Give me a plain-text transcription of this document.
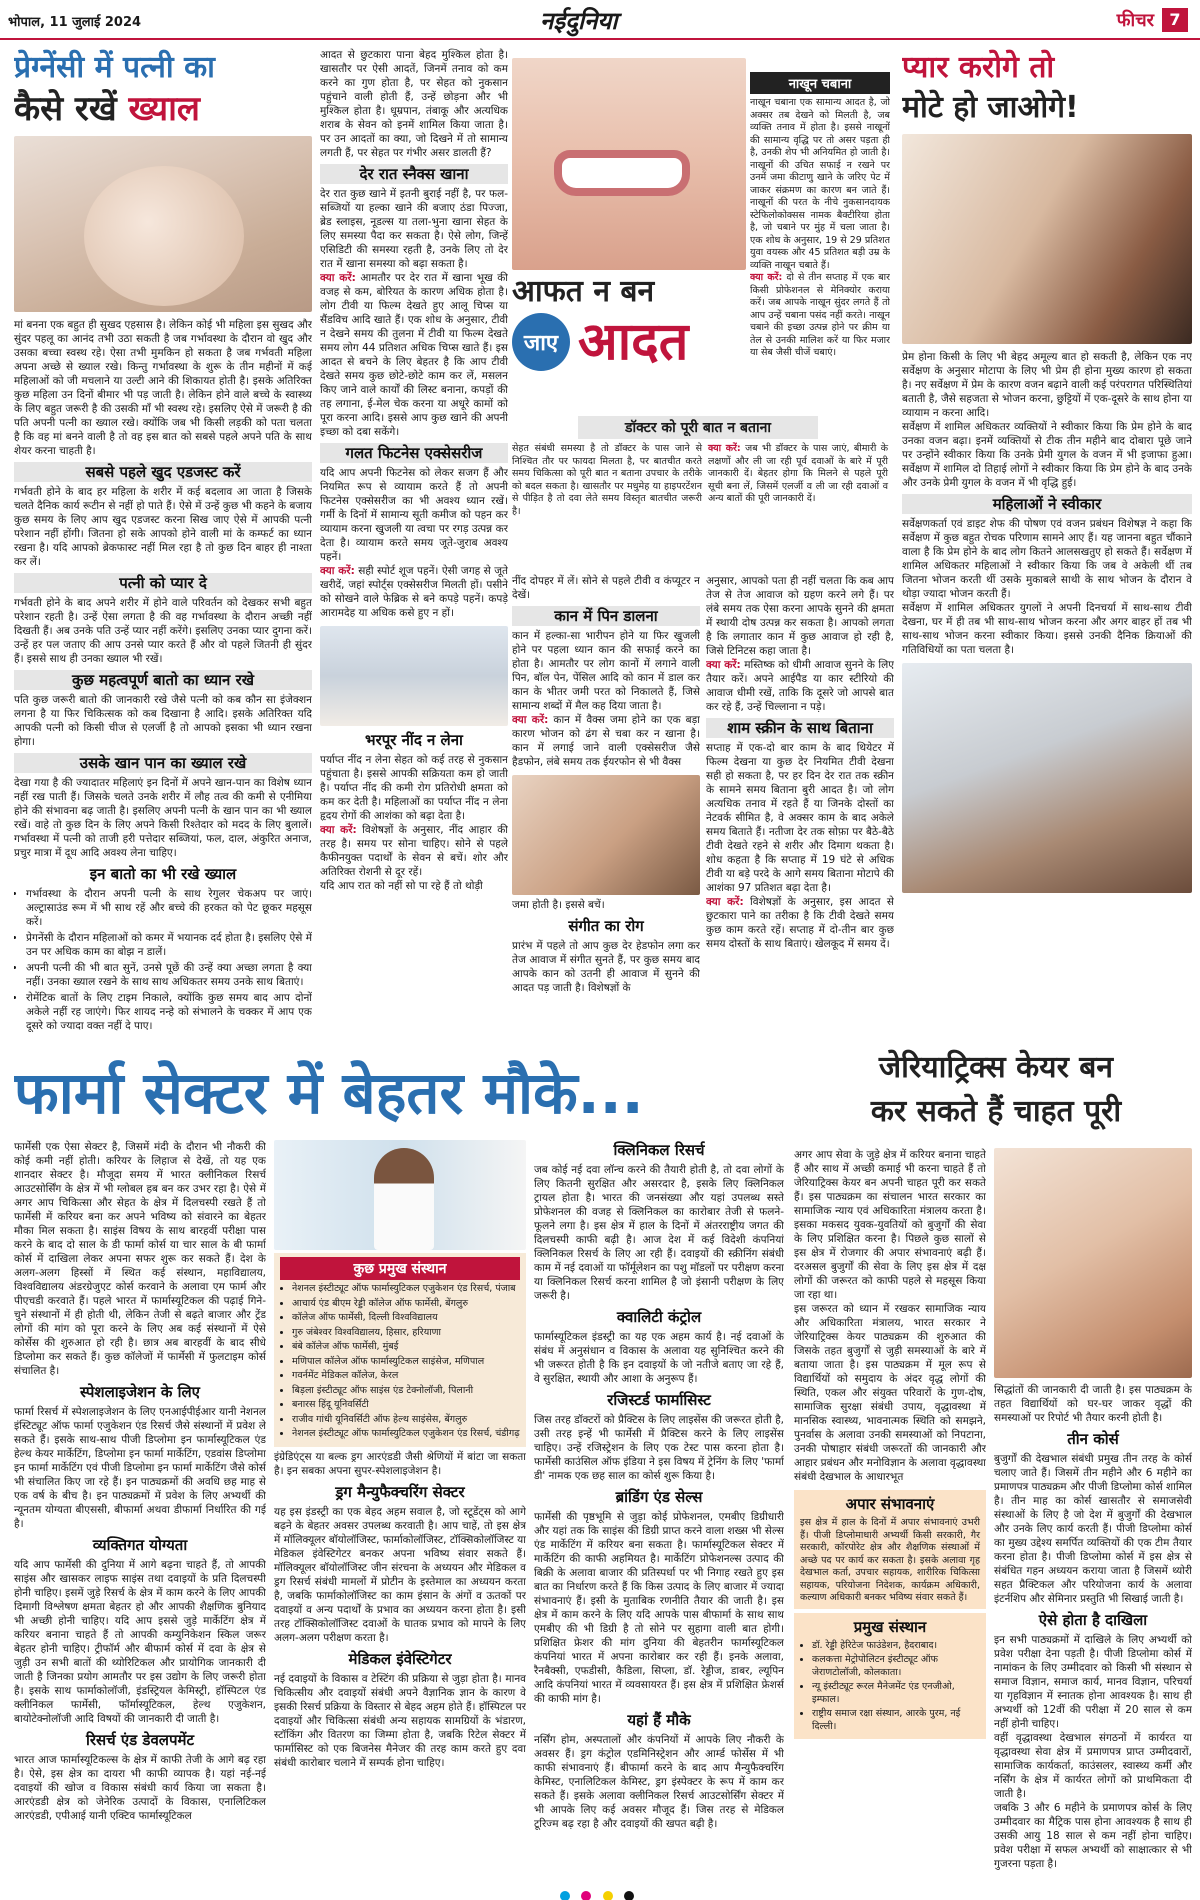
भोपाल, 11 जुलाई 2024	नईदुनिया	फीचर 7
प्रेग्नेंसी में पत्नी का
कैसे रखें ख्याल
मां बनना एक बहुत ही सुखद एहसास है। लेकिन कोई भी महिला इस सुखद और सुंदर पहलू का आनंद तभी उठा सकती है जब गर्भावस्था के दौरान वो खुद और उसका बच्चा स्वस्थ रहे। ऐसा तभी मुमकिन हो सकता है जब गर्भवती महिला अपना अच्छे से ख्याल रखे। किन्तु गर्भावस्था के शुरू के तीन महीनों में कई महिलाओं को जी मचलाने या उल्टी आने की शिकायत होती है। इसके अतिरिक्त कुछ महिला उन दिनों बीमार भी पड़ जाती है। लेकिन होने वाले बच्चे के स्वास्थ्य के लिए बहुत जरूरी है की उसकी माँ भी स्वस्थ रहे। इसलिए ऐसे में जरूरी है की पति अपनी पत्नी का ख्याल रखे। क्योंकि जब भी किसी लड़की को पता चलता है कि वह मां बनने वाली है तो वह इस बात को सबसे पहले अपने पति के साथ शेयर करना चाहती है।
सबसे पहले खुद एडजस्ट करें
गर्भवती होने के बाद हर महिला के शरीर में कई बदलाव आ जाता है जिसके चलते दैनिक कार्य रूटीन से नहीं हो पाते हैं। ऐसे में उन्हें कुछ भी कहने के बजाय कुछ समय के लिए आप खुद एडजस्ट करना सिख जाए ऐसे में आपकी पत्नी परेशान नहीं होंगी। जितना हो सके आपको होने वाली मां के कम्फर्ट का ध्यान रखना है। यदि आपको ब्रेकफास्ट नहीं मिल रहा है तो कुछ दिन बाहर ही नाश्ता कर लें।
पत्नी को प्यार दे
गर्भवती होने के बाद अपने शरीर में होने वाले परिवर्तन को देखकर सभी बहुत परेशान रहती है। उन्हें ऐसा लगता है की वह गर्भावस्था के दौरान अच्छी नहीं दिखती हैं। अब उनके पति उन्हें प्यार नहीं करेंगे। इसलिए उनका प्यार दुगना करें। उन्हें हर पल जताए की आप उनसे प्यार करते हैं और वो पहले जितनी ही सुंदर हैं। इससे साथ ही उनका ख्याल भी रखें।
कुछ महत्वपूर्ण बातो का ध्यान रखे
पति कुछ जरूरी बातो की जानकारी रखे जैसे पत्नी को कब कौन सा इंजेक्शन लगना है या फिर चिकित्सक को कब दिखाना है आदि। इसके अतिरिक्त यदि आपकी पत्नी को किसी चीज से एलर्जी है तो आपको इसका भी ध्यान रखना होगा।
उसके खान पान का ख्याल रखे
देखा गया है की ज्यादातर महिलाएं इन दिनों में अपने खान-पान का विशेष ध्यान नहीं रख पाती हैं। जिसके चलते उनके शरीर में लौह तत्व की कमी से एनीमिया होने की संभावना बढ़ जाती है। इसलिए अपनी पत्नी के खान पान का भी ख्याल रखें। वाहे तो कुछ दिन के लिए अपने किसी रिश्तेदार को मदद के लिए बुलालें। गर्भावस्था में पत्नी को ताजी हरी पत्तेदार सब्जियां, फल, दाल, अंकुरित अनाज, प्रचुर मात्रा में दूध आदि अवश्य लेना चाहिए।
इन बातो का भी रखे ख्याल
• गर्भावस्था के दौरान अपनी पत्नी के साथ रेगुलर चेकअप पर जाएं। अल्ट्रासाउंड रूम में भी साथ रहें और बच्चे की हरकत को पेट छूकर महसूस करें।
• प्रेगनेंसी के दौरान महिलाओं को कमर में भयानक दर्द होता है। इसलिए ऐसे में उन पर अधिक काम का बोझ न डालें।
• अपनी पत्नी की भी बात सुनें, उनसे पूछें की उन्हें क्या अच्छा लगता है क्या नहीं। उनका ख्याल रखने के साथ साथ अधिकतर समय उनके साथ बिताएं।
• रोमेंटिक बातों के लिए टाइम निकाले, क्योंकि कुछ समय बाद आप दोनों अकेले नहीं रह जाएंगे। फिर शायद नन्हे को संभालने के चक्कर में आप एक दूसरे को ज्यादा वक्त नहीं दे पाए।
आदत से छुटकारा पाना बेहद मुश्किल होता है। खासतौर पर ऐसी आदतें, जिनमें तनाव को कम करने का गुण होता है, पर सेहत को नुकसान पहुंचाने वाली होती हैं, उन्हें छोड़ना और भी मुश्किल होता है। धूम्रपान, तंबाकू और अत्यधिक शराब के सेवन को इनमें शामिल किया जाता है। पर उन आदतों का क्या, जो दिखने में तो सामान्य लगती हैं, पर सेहत पर गंभीर असर डालती हैं?
देर रात स्नैक्स खाना
देर रात कुछ खाने में इतनी बुराई नहीं है, पर फल-सब्जियों या हल्का खाने की बजाए ठंडा पिज्जा, ब्रेड स्लाइस, नूडल्स या तला-भुना खाना सेहत के लिए समस्या पैदा कर सकता है। ऐसे लोग, जिन्हें एसिडिटी की समस्या रहती है, उनके लिए तो देर रात में खाना समस्या को बढ़ा सकता है।
क्या करें: आमतौर पर देर रात में खाना भूख की वजह से कम, बोरियत के कारण अधिक होता है। लोग टीवी या फिल्म देखते हुए आलू चिप्स या सैंडविच आदि खाते हैं। एक शोध के अनुसार, टीवी न देखने समय की तुलना में टीवी या फिल्म देखते समय लोग 44 प्रतिशत अधिक चिप्स खाते हैं। इस आदत से बचने के लिए बेहतर है कि आप टीवी देखते समय कुछ छोटे-छोटे काम कर लें, मसलन किए जाने वाले कार्यों की लिस्ट बनाना, कपड़ों की तह लगाना, ई-मेल चेक करना या अधूरे कामों को पूरा करना आदि। इससे आप कुछ खाने की अपनी इच्छा को दबा सकेंगे।
गलत फिटनेस एक्सेसरीज
यदि आप अपनी फिटनेस को लेकर सजग हैं और नियमित रूप से व्यायाम करते हैं तो अपनी फिटनेस एक्सेसरीज का भी अवश्य ध्यान रखें। गर्मी के दिनों में सामान्य सूती कमीज को पहन कर व्यायाम करना खुजली या त्वचा पर रगड़ उत्पन्न कर देता है। व्यायाम करते समय जूते-जुराब अवश्य पहनें।
क्या करें: सही स्पोर्ट शूज पहनें। ऐसी जगह से जूते खरीदें, जहां स्पोर्ट्स एक्सेसरीज मिलती हों। पसीने को सोखने वाले फेब्रिक से बने कपड़े पहनें। कपड़े आरामदेह या अधिक कसे हुए न हों।
भरपूर नींद न लेना
पर्याप्त नींद न लेना सेहत को कई तरह से नुकसान पहुंचाता है। इससे आपकी सक्रियता कम हो जाती है। पर्याप्त नींद की कमी रोग प्रतिरोधी क्षमता को कम कर देती है। महिलाओं का पर्याप्त नींद न लेना हृदय रोगों की आशंका को बढ़ा देता है।
क्या करें: विशेषज्ञों के अनुसार, नींद आहार की तरह है। समय पर सोना चाहिए। सोने से पहले कैफीनयुक्त पदार्थों के सेवन से बचें। शोर और अतिरिक्त रोशनी से दूर रहें।
यदि आप रात को नहीं सो पा रहे हैं तो थोड़ी
नाखून चबाना
नाखून चबाना एक सामान्य आदत है, जो अक्सर तब देखने को मिलती है, जब व्यक्ति तनाव में होता है। इससे नाखूनों की सामान्य वृद्धि पर तो असर पड़ता ही है, उनकी शेप भी अनियमित हो जाती है। नाखूनों की उचित सफाई न रखने पर उनमें जमा कीटाणु खाने के जरिए पेट में जाकर संक्रमण का कारण बन जाते हैं। नाखूनों की परत के नीचे नुकसानदायक स्टेफिलोकोक्सस नामक बैक्टीरिया होता है, जो चबाने पर मुंह में चला जाता है। एक शोध के अनुसार, 19 से 29 प्रतिशत युवा वयस्क और 45 प्रतिशत बड़ी उम्र के व्यक्ति नाखून चबाते हैं।
क्या करें: दो से तीन सप्ताह में एक बार किसी प्रोफेशनल से मेनिक्योर कराया करें। जब आपके नाखून सुंदर लगते हैं तो आप उन्हें चबाना पसंद नहीं करते। नाखून चबाने की इच्छा उत्पन्न होने पर क्रीम या तेल से उनकी मालिश करें या फिर मजार या सेब जैसी चीजें चबाएं।
आफत न बन
जाए आदत
डॉक्टर को पूरी बात न बताना
सेहत संबंधी समस्या है तो डॉक्टर के पास जाने से निश्चित तौर पर फायदा मिलता है, पर बातचीत करते समय चिकित्सा को पूरी बात न बताना उपचार के तरीके को बदल सकता है। खासतौर पर मधुमेह या हाइपरटेंशन से पीड़ित है तो दवा लेते समय विस्तृत बातचीत जरूरी है।
क्या करें: जब भी डॉक्टर के पास जाएं, बीमारी के लक्षणों और ली जा रही पूर्व दवाओं के बारे में पूरी जानकारी दें। बेहतर होगा कि मिलने से पहले पूरी सूची बना लें, जिसमें एलर्जी व ली जा रही दवाओं व अन्य बातों की पूरी जानकारी दें।
नींद दोपहर में लें। सोने से पहले टीवी व कंप्यूटर न देखें।
कान में पिन डालना
कान में हल्का-सा भारीपन होने या फिर खुजली होने पर पहला ध्यान कान की सफाई करने का होता है। आमतौर पर लोग कानों में लगाने वाली पिन, बॉल पेन, पेंसिल आदि को कान में डाल कर कान के भीतर जमी परत को निकालते हैं, जिसे सामान्य शब्दों में मैल कह दिया जाता है।
क्या करें: कान में वैक्स जमा होने का एक बड़ा कारण भोजन को ढंग से चबा कर न खाना है। कान में लगाई जाने वाली एक्सेसरीज जैसे हैडफोन, लंबे समय तक ईयरफोन से भी वैक्स
जमा होती है। इससे बचें।
संगीत का रोग
प्रारंभ में पहले तो आप कुछ देर हेडफोन लगा कर तेज आवाज में संगीत सुनते हैं, पर कुछ समय बाद आपके कान को उतनी ही आवाज में सुनने की आदत पड़ जाती है। विशेषज्ञों के
अनुसार, आपको पता ही नहीं चलता कि कब आप तेज से तेज आवाज को ग्रहण करने लगे हैं। पर लंबे समय तक ऐसा करना आपके सुनने की क्षमता में स्थायी दोष उत्पन्न कर सकता है। आपको लगता है कि लगातार कान में कुछ आवाज हो रही है, जिसे टिनिटस कहा जाता है।
क्या करें: मस्तिष्क को धीमी आवाज सुनने के लिए तैयार करें। अपने आईपैड या कार स्टीरियो की आवाज धीमी रखें, ताकि कि दूसरे जो आपसे बात कर रहे हैं, उन्हें चिल्लाना न पड़े।
शाम स्क्रीन के साथ बिताना
सप्ताह में एक-दो बार काम के बाद थियेटर में फिल्म देखना या कुछ देर नियमित टीवी देखना सही हो सकता है, पर हर दिन देर रात तक स्क्रीन के सामने समय बिताना बुरी आदत है। जो लोग अत्यधिक तनाव में रहते हैं या जिनके दोस्तों का नेटवर्क सीमित है, वे अक्सर काम के बाद अकेले समय बिताते हैं। नतीजा देर तक सोफ़ा पर बैठे-बैठे टीवी देखते रहने से शरीर और दिमाग थकता है। शोध कहता है कि सप्ताह में 19 घंटे से अधिक टीवी या बड़े परदे के आगे समय बिताना मोटापे की आशंका 97 प्रतिशत बढ़ा देता है।
क्या करें: विशेषज्ञों के अनुसार, इस आदत से छुटकारा पाने का तरीका है कि टीवी देखते समय कुछ काम करते रहें। सप्ताह में दो-तीन बार कुछ समय दोस्तों के साथ बिताएं। खेलकूद में समय दें।
प्यार करोगे तो
मोटे हो जाओगे!
प्रेम होना किसी के लिए भी बेहद अमूल्य बात हो सकती है, लेकिन एक नए सर्वेक्षण के अनुसार मोटापा के लिए भी प्रेम ही होना मुख्य कारण हो सकता है। नए सर्वेक्षण में प्रेम के कारण वजन बढ़ाने वाली कई परंपरागत परिस्थितियां बताती है, जैसे सहजता से भोजन करना, छुट्टियों में एक-दूसरे के साथ होना या व्यायाम न करना आदि।
सर्वेक्षण में शामिल अधिकतर व्यक्तियों ने स्वीकार किया कि प्रेम होने के बाद उनका वजन बढ़ा। इनमें व्यक्तियों से टीक तीन महीने बाद दोबारा पूछे जाने पर उन्होंने स्वीकार किया कि उनके प्रेमी युगल के वजन में भी इजाफा हुआ। सर्वेक्षण में शामिल दो तिहाई लोगों ने स्वीकार किया कि प्रेम होने के बाद उनके और उनके प्रेमी युगल के वजन में भी वृद्धि हुई।
महिलाओं ने स्वीकार
सर्वेक्षणकर्ता एवं डाइट शेफ की पोषण एवं वजन प्रबंधन विशेषज्ञ ने कहा कि सर्वेक्षण में कुछ बहुत रोचक परिणाम सामने आए हैं। यह जानना बहुत चौंकाने वाला है कि प्रेम होने के बाद लोग कितने आलसखतुए हो सकते हैं। सर्वेक्षण में शामिल अधिकतर महिलाओं ने स्वीकार किया कि जब वे अकेली थीं तब जितना भोजन करती थीं उसके मुकाबले साथी के साथ भोजन के दौरान वे थोड़ा ज्यादा भोजन करती हैं।
सर्वेक्षण में शामिल अधिकतर युगलों ने अपनी दिनचर्या में साथ-साथ टीवी देखना, घर में ही तब भी साथ-साथ भोजन करना और अगर बाहर हों तब भी साथ-साथ भोजन करना स्वीकार किया। इससे उनकी दैनिक क्रियाओं की गतिविधियों का पता चलता है।
फार्मा सेक्टर में बेहतर मौके...
फार्मेसी एक ऐसा सेक्टर है, जिसमें मंदी के दौरान भी नौकरी की कोई कमी नहीं होती। करियर के लिहाज से देखें, तो यह एक शानदार सेक्टर है। मौजूदा समय में भारत क्लीनिकल रिसर्च आउटसोर्सिंग के क्षेत्र में भी ग्लोबल हब बन कर उभर रहा है। ऐसे में अगर आप चिकित्सा और सेहत के क्षेत्र में दिलचस्पी रखते हैं तो फार्मेसी में करियर बना कर अपने भविष्य को संवारने का बेहतर मौका मिल सकता है। साइंस विषय के साथ बारहवीं परीक्षा पास करने के बाद दो साल के डी फार्मा कोर्स या चार साल के बी फार्मा कोर्स में दाखिला लेकर अपना सफर शुरू कर सकते हैं। देश के अलग-अलग हिस्सों में स्थित कई संस्थान, महाविद्यालय, विश्वविद्यालय अंडरग्रेजुएट कोर्स करवाने के अलावा एम फार्म और पीएचडी करवाते हैं। पहले भारत में फार्मास्यूटिकल की पढ़ाई गिने-चुने संस्थानों में ही होती थी, लेकिन तेजी से बढ़ते बाजार और ट्रेंड लोगों की मांग को पूरा करने के लिए अब कई संस्थानों में ऐसे कोर्सेस की शुरुआत हो रही है। छात्र अब बारहवीं के बाद सीधे डिप्लोमा कर सकते हैं। कुछ कॉलेजों में फार्मेसी में फुलटाइम कोर्स संचालित है।
स्पेशलाइजेशन के लिए
फार्मा रिसर्च में स्पेशलाइजेशन के लिए एनआईपीईआर यानी नेशनल इंस्टिट्यूट ऑफ फार्मा एजुकेशन एंड रिसर्च जैसे संस्थानों में प्रवेश ले सकते हैं। इसके साथ-साथ पीजी डिप्लोमा इन फार्मास्यूटिकल एंड हेल्थ केयर मार्केटिंग, डिप्लोमा इन फार्मा मार्केटिंग, एडवांस डिप्लोमा इन फार्मा मार्केटिंग एवं पीजी डिप्लोमा इन फार्मा मार्केटिंग जैसे कोर्स भी संचालित किए जा रहे हैं। इन पाठ्यक्रमों की अवधि छह माह से एक वर्ष के बीच है। इन पाठ्यक्रमों में प्रवेश के लिए अभ्यर्थी की न्यूनतम योग्यता बीएससी, बीफार्मा अथवा डीफार्मा निर्धारित की गई है।
व्यक्तिगत योग्यता
यदि आप फार्मेसी की दुनिया में आगे बढ़ना चाहते हैं, तो आपकी साइंस और खासकर लाइफ साइंस तथा दवाइयों के प्रति दिलचस्पी होनी चाहिए। इसमें जुड़े रिसर्च के क्षेत्र में काम करने के लिए आपकी दिमागी विश्लेषण क्षमता बेहतर हो और आपकी शैक्षणिक बुनियाद भी अच्छी होनी चाहिए। यदि आप इससे जुड़े मार्केटिंग क्षेत्र में करियर बनाना चाहते हैं तो आपकी कम्युनिकेशन स्किल जरूर बेहतर होनी चाहिए। ट्रीफॉर्म और बीफार्म कोर्स में दवा के क्षेत्र से जुड़ी उन सभी बातों की थ्योरिटिकल और प्रायोगिक जानकारी दी जाती है जिनका प्रयोग आमतौर पर इस उद्योग के लिए जरूरी होता है। इसके साथ फार्माकोलॉजी, इंडस्ट्रियल केमिस्ट्री, हॉस्पिटल एंड क्लीनिकल फार्मेसी, फॉर्मास्यूटिकल, हेल्थ एजुकेशन, बायोटेक्नोलॉजी आदि विषयों की जानकारी दी जाती है।
रिसर्च एंड डेवलपमेंट
भारत आज फार्मास्यूटिकल्स के क्षेत्र में काफी तेजी के आगे बढ़ रहा है। ऐसे, इस क्षेत्र का दायरा भी काफी व्यापक है। यहां नई-नई दवाइयों की खोज व विकास संबंधी कार्य किया जा सकता है। आरएंडडी क्षेत्र को जेनेरिक उत्पादों के विकास, एनालिटिकल आरएंडडी, एपीआई यानी एक्टिव फार्मास्यूटिकल
कुछ प्रमुख संस्थान
• नेशनल इंस्टीट्यूट ऑफ फार्मास्युटिकल एजुकेशन एंड रिसर्च, पंजाब
• आचार्य एंड बीएम रेड्डी कॉलेज ऑफ फार्मेसी, बेंगलुरु
• कॉलेज ऑफ फार्मेसी, दिल्ली विश्वविद्यालय
• गुरु जंबेश्वर विश्वविद्यालय, हिसार, हरियाणा
• बंबे कॉलेज ऑफ फार्मेसी, मुंबई
• मणिपाल कॉलेज ऑफ फार्मास्युटिकल साइंसेज, मणिपाल
• गवर्नमेंट मेडिकल कॉलेज, केरल
• बिड़ला इंस्टीट्यूट ऑफ साइंस एंड टेक्नोलॉजी, पिलानी
• बनारस हिंदू यूनिवर्सिटी
• राजीव गांधी यूनिवर्सिटी ऑफ हेल्थ साइंसेस, बेंगलुरु
• नेशनल इंस्टीट्यूट ऑफ फार्मास्युटिकल एजुकेशन एंड रिसर्च, चंडीगढ़
इंग्रेडिएंट्स या बल्क ड्रग आरएंडडी जैसी श्रेणियों में बांटा जा सकता है। इन सबका अपना सुपर-स्पेशलाइजेशन है।
ड्रग मैन्युफैक्चरिंग सेक्टर
यह इस इंडस्ट्री का एक बेहद अहम सवाल है, जो स्टूडेंट्स को आगे बढ़ने के बेहतर अवसर उपलब्ध करवाती है। आप चाहें, तो इस क्षेत्र में मॉलिक्यूलर बॉयोलॉजिस्ट, फार्माकोलॉजिस्ट, टॉक्सिकोलॉजिस्ट या मेडिकल इंवेस्टिगेटर बनकर अपना भविष्य संवार सकते हैं। मॉलिक्यूलर बॉयोलॉजिस्ट जीन संरचना के अध्ययन और मेडिकल व ड्रग रिसर्च संबंधी मामलों में प्रोटीन के इस्तेमाल का अध्ययन करता है, जबकि फार्माकोलॉजिस्ट का काम इंसान के अंगों व ऊतकों पर दवाइयों व अन्य पदार्थों के प्रभाव का अध्ययन करना होता है। इसी तरह टॉक्सिकोलॉजिस्ट दवाओं के घातक प्रभाव को मापने के लिए अलग-अलग परीक्षण करता है।
मेडिकल इंवेस्टिगेटर
नई दवाइयों के विकास व टेस्टिंग की प्रक्रिया से जुड़ा होता है। मानव चिकित्सीय और दवाइयों संबंधी अपने वैज्ञानिक ज्ञान के कारण वे इसकी रिसर्च प्रक्रिया के विस्तार से बेहद अहम होते हैं। हॉस्पिटल पर दवाइयों और चिकित्सा संबंधी अन्य सहायक सामग्रियों के भंडारण, स्टॉकिंग और वितरण का जिम्मा होता है, जबकि रिटेल सेक्टर में फार्मासिस्ट को एक बिजनेस मैनेजर की तरह काम करते हुए दवा संबंधी कारोबार चलाने में सम्पर्क होना चाहिए।
क्लिनिकल रिसर्च
जब कोई नई दवा लॉन्च करने की तैयारी होती है, तो दवा लोगों के लिए कितनी सुरक्षित और असरदार है, इसके लिए क्लिनिकल ट्रायल होता है। भारत की जनसंख्या और यहां उपलब्ध सस्ते प्रोफेशनल की वजह से क्लिनिकल का कारोबार तेजी से फलने-फूलने लगा है। इस क्षेत्र में हाल के दिनों में अंतरराष्ट्रीय जगत की दिलचस्पी काफी बढ़ी है। आज देश में कई विदेशी कंपनियां क्लिनिकल रिसर्च के लिए आ रही हैं। दवाइयों की स्क्रीनिंग संबंधी काम में नई दवाओं या फॉर्मूलेशन का पशु मॉडलों पर परीक्षण करना या क्लिनिकल रिसर्च करना शामिल है जो इंसानी परीक्षण के लिए जरूरी है।
क्वालिटी कंट्रोल
फार्मास्यूटिकल इंडस्ट्री का यह एक अहम कार्य है। नई दवाओं के संबंध में अनुसंधान व विकास के अलावा यह सुनिश्चित करने की भी जरूरत होती है कि इन दवाइयों के जो नतीजे बताए जा रहे हैं, वे सुरक्षित, स्थायी और आशा के अनुरूप हैं।
रजिस्टर्ड फार्मासिस्ट
जिस तरह डॉक्टरों को प्रैक्टिस के लिए लाइसेंस की जरूरत होती है, उसी तरह इन्हें भी फार्मेसी में प्रैक्टिस करने के लिए लाइसेंस चाहिए। उन्हें रजिस्ट्रेशन के लिए एक टेस्ट पास करना होता है। फार्मेसी काउंसिल ऑफ इंडिया ने इस विषय में ट्रेनिंग के लिए 'फार्मा डी' नामक एक छह साल का कोर्स शुरू किया है।
ब्रांडिंग एंड सेल्स
फार्मेसी की पृष्ठभूमि से जुड़ा कोई प्रोफेशनल, एमबीए डिग्रीधारी और यहां तक कि साइंस की डिग्री प्राप्त करने वाला शख्स भी सेल्स एंड मार्केटिंग में करियर बना सकता है। फार्मास्यूटिकल सेक्टर में मार्केटिंग की काफी अहमियत है। मार्केटिंग प्रोफेशनल्स उत्पाद की बिक्री के अलावा बाजार की प्रतिस्पर्धा पर भी निगाह रखते हुए इस बात का निर्धारण करते हैं कि किस उत्पाद के लिए बाजार में ज्यादा संभावनाएं हैं। इसी के मुताबिक रणनीति तैयार की जाती है। इस क्षेत्र में काम करने के लिए यदि आपके पास बीफार्मा के साथ साथ एमबीए की भी डिग्री है तो सोने पर सुहागा वाली बात होगी। प्रशिक्षित फ्रेशर की मांग दुनिया की बेहतरीन फार्मास्यूटिकल कंपनियां भारत में अपना कारोबार कर रही हैं। इनके अलावा, रैनबैक्सी, एफडीसी, कैडिला, सिप्ला, डॉ. रेड्डीज, डाबर, ल्यूपिन आदि कंपनियां भारत में व्यवसायरत हैं। इस क्षेत्र में प्रशिक्षित फ्रेशर्स की काफी मांग है।
यहां हैं मौके
नर्सिंग होम, अस्पतालों और कंपनियों में आपके लिए नौकरी के अवसर हैं। ड्रग कंट्रोल एडमिनिस्ट्रेशन और आर्म्ड फोर्सेस में भी काफी संभावनाएं हैं। बीफार्मा करने के बाद आप मैन्युफैक्चरिंग केमिस्ट, एनालिटिकल केमिस्ट, ड्रग इंस्पेक्टर के रूप में काम कर सकते हैं। इसके अलावा क्लीनिकल रिसर्च आउटसोर्सिंग सेक्टर में भी आपके लिए कई अवसर मौजूद हैं। जिस तरह से मेडिकल टूरिज्म बढ़ रहा है और दवाइयों की खपत बढ़ी है।
जेरियाट्रिक्स केयर बन
कर सकते हैं चाहत पूरी
अगर आप सेवा के जुड़े क्षेत्र में करियर बनाना चाहते हैं और साथ में अच्छी कमाई भी करना चाहते हैं तो जेरियाट्रिक्स केयर बन अपनी चाहत पूरी कर सकते हैं। इस पाठ्यक्रम का संचालन भारत सरकार का सामाजिक न्याय एवं अधिकारिता मंत्रालय करता है। इसका मकसद युवक-युवतियों को बुजुर्गों की सेवा के लिए प्रशिक्षित करना है। पिछले कुछ सालों से इस क्षेत्र में रोजगार की अपार संभावनाएं बढ़ी हैं। दरअसल बुजुर्गों की सेवा के लिए इस क्षेत्र में दक्ष लोगों की जरूरत को काफी पहले से महसूस किया जा रहा था।
इस जरूरत को ध्यान में रखकर सामाजिक न्याय और अधिकारिता मंत्रालय, भारत सरकार ने जेरियाट्रिक्स केयर पाठ्यक्रम की शुरुआत की जिसके तहत बुजुर्गों से जुड़ी समस्याओं के बारे में बताया जाता है। इस पाठ्यक्रम में मूल रूप से विद्यार्थियों को समुदाय के अंदर वृद्ध लोगों की स्थिति, एकल और संयुक्त परिवारों के गुण-दोष, सामाजिक सुरक्षा संबंधी उपाय, वृद्धावस्था में मानसिक स्वास्थ्य, भावनात्मक स्थिति को समझने, पुनर्वास के अलावा उनकी समस्याओं को निपटाना, उनकी पोषाहार संबंधी जरूरतों की जानकारी और आहार प्रबंधन और मनोविज्ञान के अलावा वृद्धावस्था संबंधी देखभाल के आधारभूत
अपार संभावनाएं
इस क्षेत्र में हाल के दिनों में अपार संभावनाएं उभरी हैं। पीजी डिप्लोमाधारी अभ्यर्थी किसी सरकारी, गैर सरकारी, कॉरपोरेट क्षेत्र और शैक्षणिक संस्थाओं में अच्छे पद पर कार्य कर सकता है। इसके अलावा गृह देखभाल कर्ता, उपचार सहायक, शारीरिक चिकित्सा सहायक, परियोजना निदेशक, कार्यक्रम अधिकारी, कल्याण अधिकारी बनकर भविष्य संवार सकते हैं।
प्रमुख संस्थान
• डॉ. रेड्डी हेरिटेज फाउंडेशन, हैदराबाद।
• कलकत्ता मेट्रोपोलिटन इंस्टीट्यूट ऑफ जेराणटोलॉजी, कोलकाता।
• न्यू इंस्टीट्यूट रूरल मैनेजमेंट एंड एनजीओ, इम्फाल।
• राष्ट्रीय समाज रक्षा संस्थान, आरके पुरम, नई दिल्ली।
सिद्धांतों की जानकारी दी जाती है। इस पाठ्यक्रम के तहत विद्यार्थियों को घर-घर जाकर वृद्धों की समस्याओं पर रिपोर्ट भी तैयार करनी होती है।
तीन कोर्स
बुजुर्गों की देखभाल संबंधी प्रमुख तीन तरह के कोर्स चलाए जाते हैं। जिसमें तीन महीने और 6 महीने का प्रमाणपत्र पाठ्यक्रम और पीजी डिप्लोमा कोर्स शामिल है। तीन माह का कोर्स खासतौर से समाजसेवी संस्थाओं के लिए है जो देश में बुजुर्गों की देखभाल और उनके लिए कार्य करती हैं। पीजी डिप्लोमा कोर्स का मुख्य उद्देश्य समर्पित व्यक्तियों की एक टीम तैयार करना होता है। पीजी डिप्लोमा कोर्स में इस क्षेत्र से संबंधित गहन अध्ययन कराया जाता है जिसमें थ्योरी सहत प्रैक्टिकल और परियोजना कार्य के अलावा इंटर्नशिप और सेमिनार प्रस्तुति भी सिखाई जाती है।
ऐसे होता है दाखिला
इन सभी पाठ्यक्रमों में दाखिले के लिए अभ्यर्थी को प्रवेश परीक्षा देना पड़ती है। पीजी डिप्लोमा कोर्स में नामांकन के लिए उम्मीदवार को किसी भी संस्थान से समाज विज्ञान, समाज कार्य, मानव विज्ञान, परिचर्या या गृहविज्ञान में स्नातक होना आवश्यक है। साथ ही अभ्यर्थी को 12वीं की परीक्षा में 20 साल से कम नहीं होनी चाहिए।
वहीं वृद्धावस्था देखभाल संगठनों में कार्यरत या वृद्धावस्था सेवा क्षेत्र में प्रमाणपत्र प्राप्त उम्मीदवारों, सामाजिक कार्यकर्ता, काउंसलर, स्वास्थ्य कर्मी और नर्सिंग के क्षेत्र में कार्यरत लोगों को प्राथमिकता दी जाती है।
जबकि 3 और 6 महीने के प्रमाणपत्र कोर्स के लिए उम्मीदवार का मैट्रिक पास होना आवश्यक है साथ ही उसकी आयु 18 साल से कम नहीं होना चाहिए। प्रवेश परीक्षा में सफल अभ्यर्थी को साक्षात्कार से भी गुजरना पड़ता है।
